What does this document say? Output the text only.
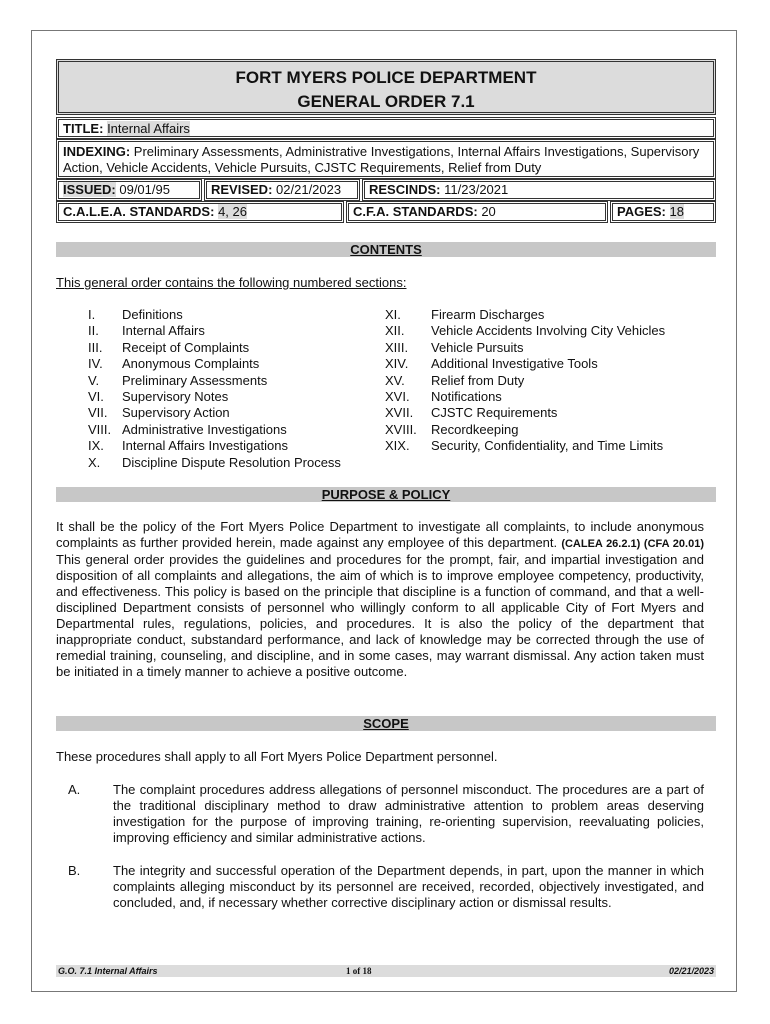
FORT MYERS POLICE DEPARTMENT
GENERAL ORDER 7.1
TITLE: Internal Affairs
INDEXING: Preliminary Assessments, Administrative Investigations, Internal Affairs Investigations, Supervisory Action, Vehicle Accidents, Vehicle Pursuits, CJSTC Requirements, Relief from Duty
ISSUED: 09/01/95	REVISED: 02/21/2023	RESCINDS: 11/23/2021
C.A.L.E.A. STANDARDS: 4, 26	C.F.A. STANDARDS: 20	PAGES: 18
CONTENTS
This general order contains the following numbered sections:
I.	Definitions
II.	Internal Affairs
III.	Receipt of Complaints
IV.	Anonymous Complaints
V.	Preliminary Assessments
VI.	Supervisory Notes
VII.	Supervisory Action
VIII. Administrative Investigations
IX.	Internal Affairs Investigations
X.	Discipline Dispute Resolution Process
XI.	Firearm Discharges
XII.	Vehicle Accidents Involving City Vehicles
XIII.	Vehicle Pursuits
XIV.	Additional Investigative Tools
XV.	Relief from Duty
XVI.	Notifications
XVII.	CJSTC Requirements
XVIII.	Recordkeeping
XIX.	Security, Confidentiality, and Time Limits
PURPOSE & POLICY
It shall be the policy of the Fort Myers Police Department to investigate all complaints, to include anonymous complaints as further provided herein, made against any employee of this department. (CALEA 26.2.1) (CFA 20.01) This general order provides the guidelines and procedures for the prompt, fair, and impartial investigation and disposition of all complaints and allegations, the aim of which is to improve employee competency, productivity, and effectiveness. This policy is based on the principle that discipline is a function of command, and that a well-disciplined Department consists of personnel who willingly conform to all applicable City of Fort Myers and Departmental rules, regulations, policies, and procedures. It is also the policy of the department that inappropriate conduct, substandard performance, and lack of knowledge may be corrected through the use of remedial training, counseling, and discipline, and in some cases, may warrant dismissal. Any action taken must be initiated in a timely manner to achieve a positive outcome.
SCOPE
These procedures shall apply to all Fort Myers Police Department personnel.
A.	The complaint procedures address allegations of personnel misconduct. The procedures are a part of the traditional disciplinary method to draw administrative attention to problem areas deserving investigation for the purpose of improving training, re-orienting supervision, reevaluating policies, improving efficiency and similar administrative actions.
B.	The integrity and successful operation of the Department depends, in part, upon the manner in which complaints alleging misconduct by its personnel are received, recorded, objectively investigated, and concluded, and, if necessary whether corrective disciplinary action or dismissal results.
G.O. 7.1 Internal Affairs	1 of 18	02/21/2023
